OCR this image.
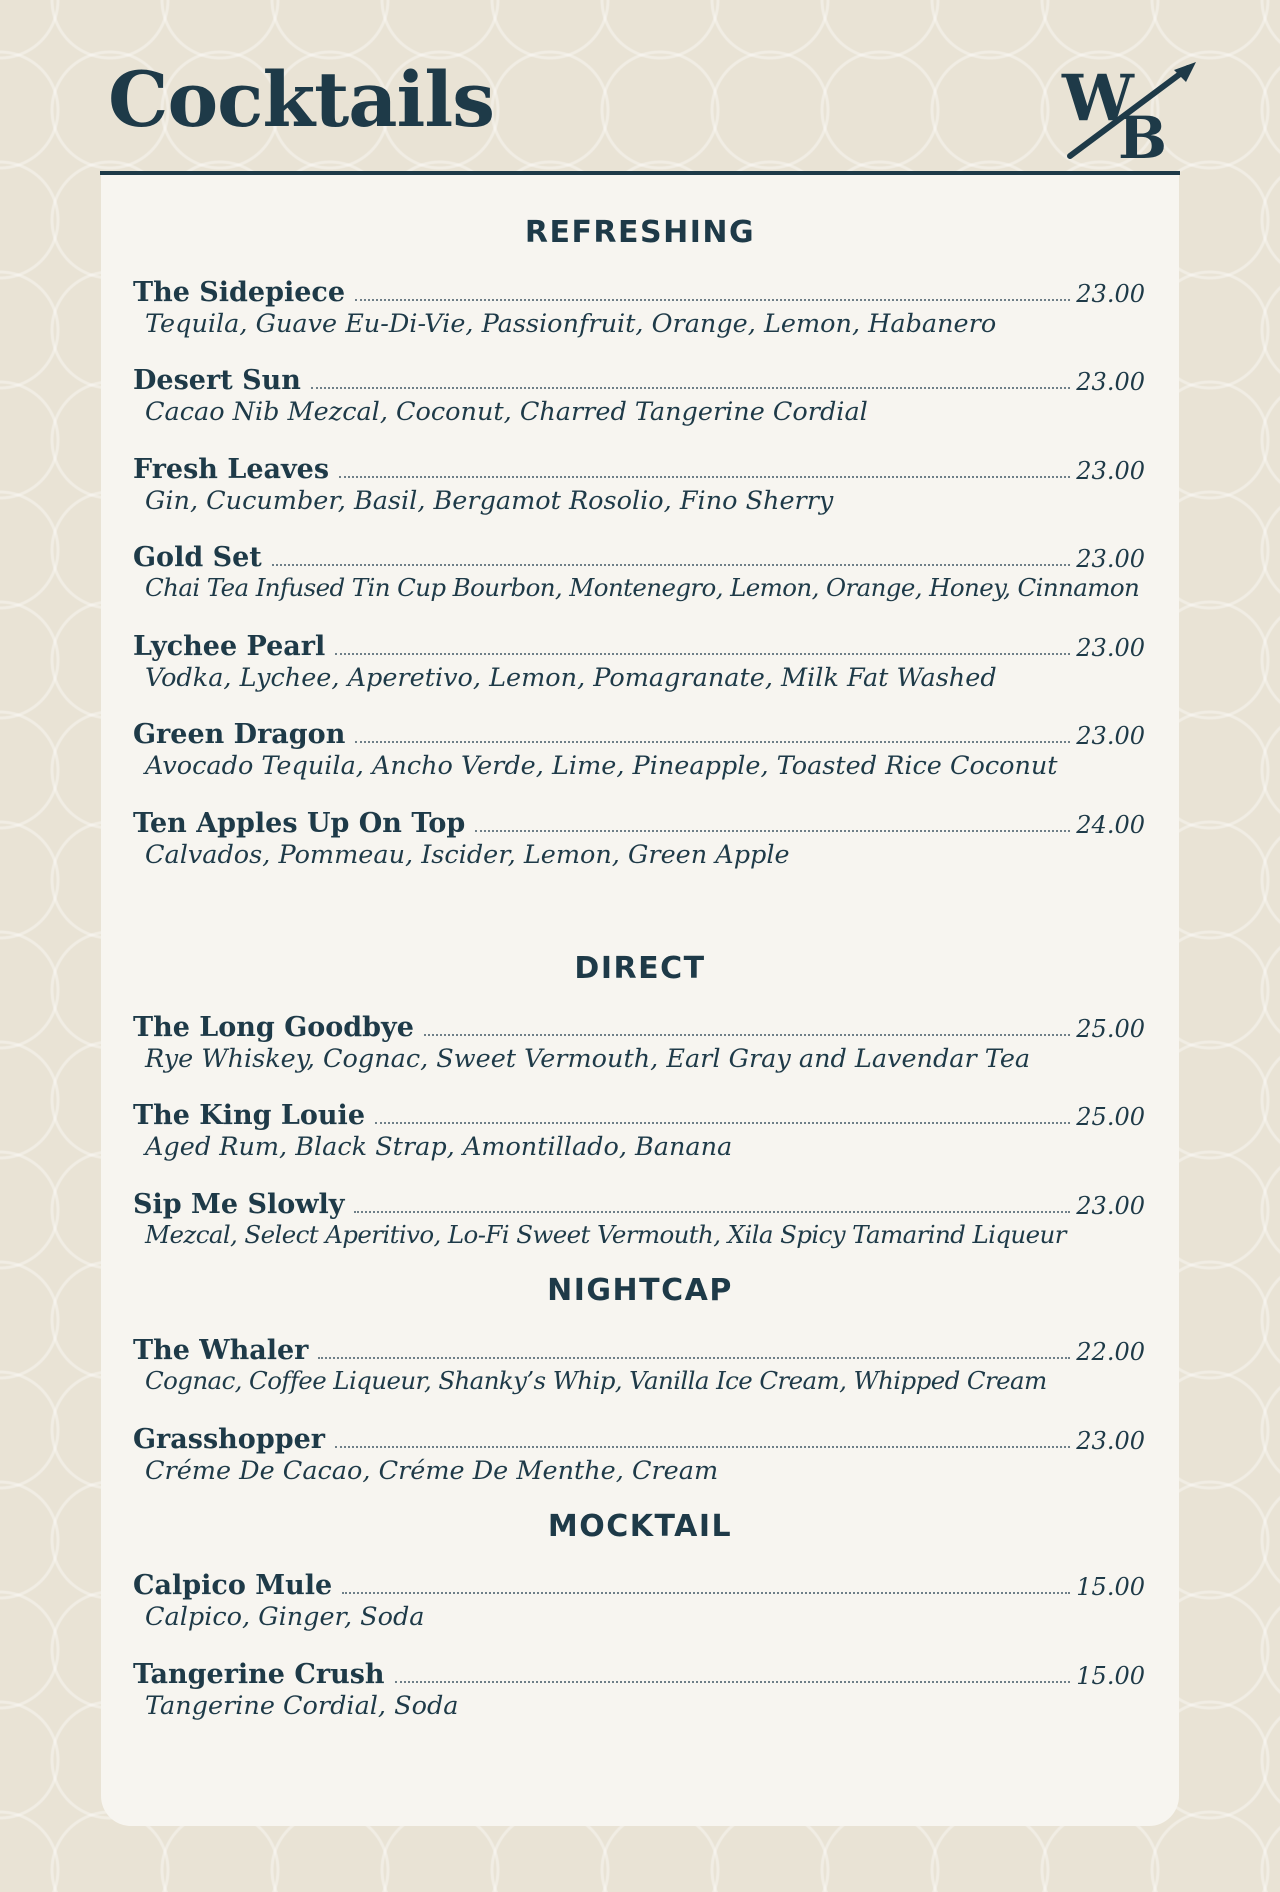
Cocktails	W
B
REFRESHING
The Sidepiece	23.00
Tequila, Guave Eu-Di-Vie, Passionfruit, Orange, Lemon, Habanero
Desert Sun	23.00
Cacao Nib Mezcal, Coconut, Charred Tangerine Cordial
Fresh Leaves	23.00
Gin, Cucumber, Basil, Bergamot Rosolio, Fino Sherry
Gold Set	23.00
Chai Tea Infused Tin Cup Bourbon, Montenegro, Lemon, Orange, Honey, Cinnamon
Lychee Pearl	23.00
Vodka, Lychee, Aperetivo, Lemon, Pomagranate, Milk Fat Washed
Green Dragon	23.00
Avocado Tequila, Ancho Verde, Lime, Pineapple, Toasted Rice Coconut
Ten Apples Up On Top	24.00
Calvados, Pommeau, Iscider, Lemon, Green Apple
DIRECT
The Long Goodbye	25.00
Rye Whiskey, Cognac, Sweet Vermouth, Earl Gray and Lavendar Tea
The King Louie	25.00
Aged Rum, Black Strap, Amontillado, Banana
Sip Me Slowly	23.00
Mezcal, Select Aperitivo, Lo-Fi Sweet Vermouth, Xila Spicy Tamarind Liqueur
NIGHTCAP
The Whaler	22.00
Cognac, Coffee Liqueur, Shanky’s Whip, Vanilla Ice Cream, Whipped Cream
Grasshopper	23.00
Créme De Cacao, Créme De Menthe, Cream
MOCKTAIL
Calpico Mule	15.00
Calpico, Ginger, Soda
Tangerine Crush	15.00
Tangerine Cordial, Soda
